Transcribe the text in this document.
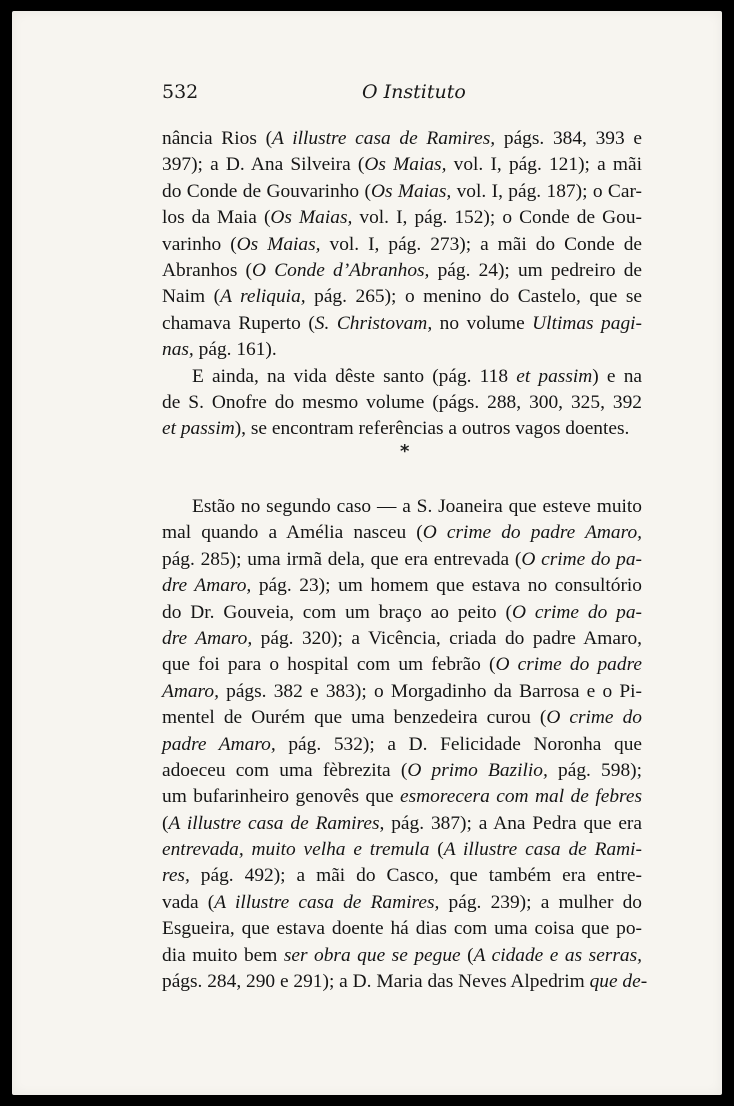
532	O Instituto
nância Rios (A illustre casa de Ramires, págs. 384, 393 e
397); a D. Ana Silveira (Os Maias, vol. I, pág. 121); a mãi
do Conde de Gouvarinho (Os Maias, vol. I, pág. 187); o Car-
los da Maia (Os Maias, vol. I, pág. 152); o Conde de Gou-
varinho (Os Maias, vol. I, pág. 273); a mãi do Conde de
Abranhos (O Conde d’Abranhos, pág. 24); um pedreiro de
Naim (A reliquia, pág. 265); o menino do Castelo, que se
chamava Ruperto (S. Christovam, no volume Ultimas pagi-
nas, pág. 161).
E ainda, na vida dêste santo (pág. 118 et passim) e na
de S. Onofre do mesmo volume (págs. 288, 300, 325, 392
et passim), se encontram referências a outros vagos doentes.
*
Estão no segundo caso — a S. Joaneira que esteve muito
mal quando a Amélia nasceu (O crime do padre Amaro,
pág. 285); uma irmã dela, que era entrevada (O crime do pa-
dre Amaro, pág. 23); um homem que estava no consultório
do Dr. Gouveia, com um braço ao peito (O crime do pa-
dre Amaro, pág. 320); a Vicência, criada do padre Amaro,
que foi para o hospital com um febrão (O crime do padre
Amaro, págs. 382 e 383); o Morgadinho da Barrosa e o Pi-
mentel de Ourém que uma benzedeira curou (O crime do
padre Amaro, pág. 532); a D. Felicidade Noronha que
adoeceu com uma fèbrezita (O primo Bazilio, pág. 598);
um bufarinheiro genovês que esmorecera com mal de febres
(A illustre casa de Ramires, pág. 387); a Ana Pedra que era
entrevada, muito velha e tremula (A illustre casa de Rami-
res, pág. 492); a mãi do Casco, que também era entre-
vada (A illustre casa de Ramires, pág. 239); a mulher do
Esgueira, que estava doente há dias com uma coisa que po-
dia muito bem ser obra que se pegue (A cidade e as serras,
págs. 284, 290 e 291); a D. Maria das Neves Alpedrim que de-
